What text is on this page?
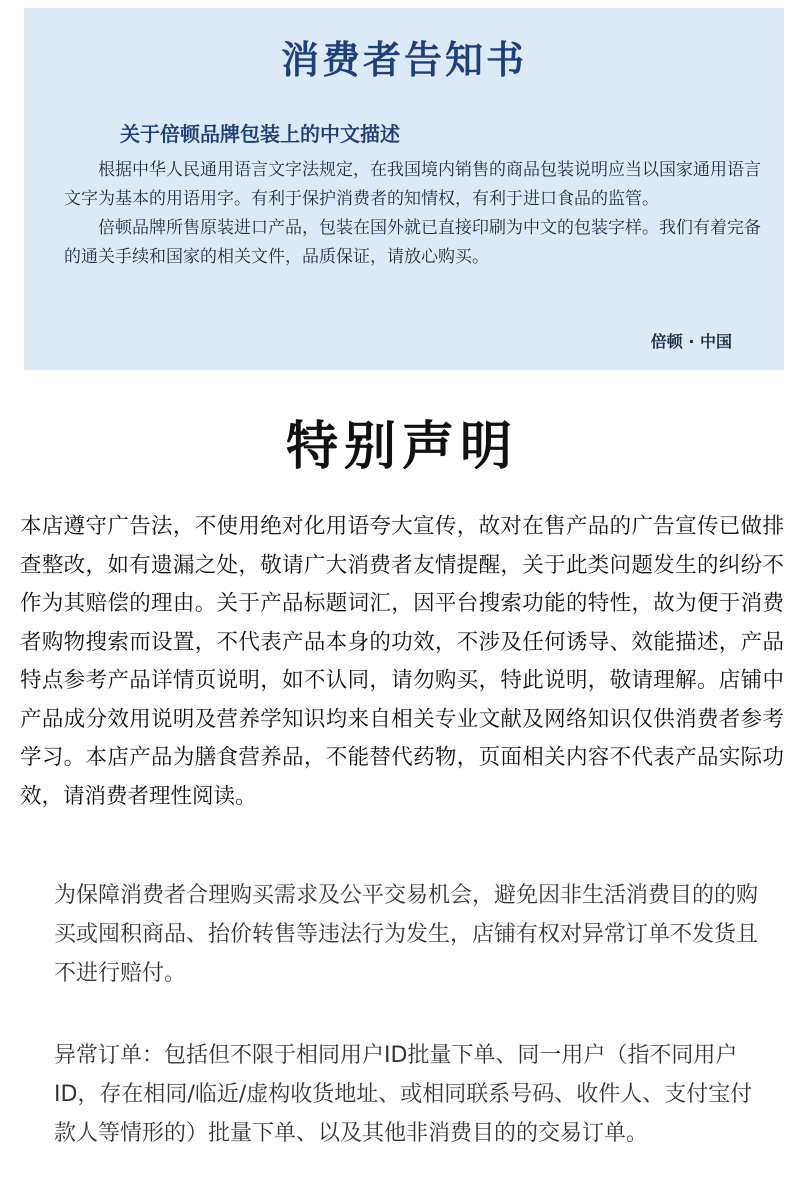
消费者告知书
关于倍顿品牌包装上的中文描述

根据中华人民通用语言文字法规定，在我国境内销售的商品包装说明应当以国家通用语言文字为基本的用语用字。有利于保护消费者的知情权，有利于进口食品的监管。

倍顿品牌所售原装进口产品，包装在国外就已直接印刷为中文的包装字样。我们有着完备的通关手续和国家的相关文件，品质保证，请放心购买。

倍顿 · 中国
特别声明

本店遵守广告法，不使用绝对化用语夸大宣传，故对在售产品的广告宣传已做排查整改，如有遗漏之处，敬请广大消费者友情提醒，关于此类问题发生的纠纷不作为其赔偿的理由。关于产品标题词汇，因平台搜索功能的特性，故为便于消费者购物搜索而设置，不代表产品本身的功效，不涉及任何诱导、效能描述，产品特点参考产品详情页说明，如不认同，请勿购买，特此说明，敬请理解。店铺中产品成分效用说明及营养学知识均来自相关专业文献及网络知识仅供消费者参考学习。本店产品为膳食营养品，不能替代药物，页面相关内容不代表产品实际功效，请消费者理性阅读。

为保障消费者合理购买需求及公平交易机会，避免因非生活消费目的的购买或囤积商品、抬价转售等违法行为发生，店铺有权对异常订单不发货且不进行赔付。

异常订单：包括但不限于相同用户ID批量下单、同一用户（指不同用户ID，存在相同/临近/虚构收货地址、或相同联系号码、收件人、支付宝付款人等情形的）批量下单、以及其他非消费目的的交易订单。
